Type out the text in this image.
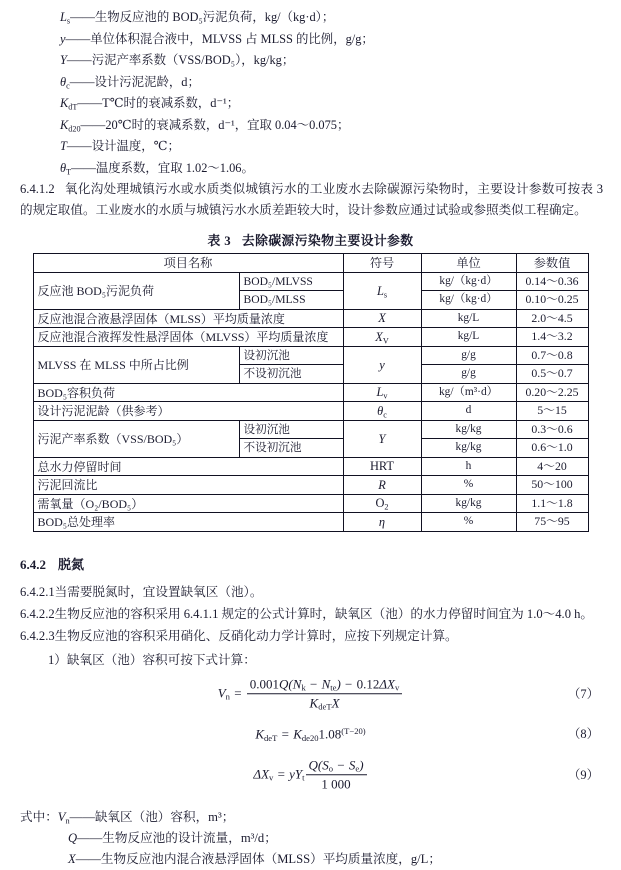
$L_s——$生物反应池的 BOD₅污泥负荷，kg/（kg·d）；
y——单位体积混合液中，MLVSS 占 MLSS 的比例，g/g；
Y——污泥产率系数（VSS/BOD₅），kg/kg；
$\theta_c——$设计污泥泥龄，d；
$K_{dT}——T℃$时的衰减系数，d⁻¹；
$K_{d20}——20℃$时的衰减系数，d⁻¹，宜取 0.04～0.075；
T——设计温度，℃；
$\theta_T——$温度系数，宜取 1.02～1.06。

6.4.1.2 氧化沟处理城镇污水或水质类似城镇污水的工业废水去除碳源污染物时，主要设计参数可按表 3 的规定取值。工业废水的水质与城镇污水水质差距较大时，设计参数应通过试验或参照类似工程确定。

表 3 去除碳源污染物主要设计参数
项目名称		符号	单位	参数值
反应池 BOD₅污泥负荷	BOD₅/MLVSS	$L_s$	kg/（kg·d）	0.14～0.36
	BOD₅/MLSS		kg/（kg·d）	0.10～0.25
反应池混合液悬浮固体（MLSS）平均质量浓度		X	kg/L	2.0～4.5
反应池混合液挥发性悬浮固体（MLVSS）平均质量浓度		$X_V$	kg/L	1.4～3.2
MLVSS 在 MLSS 中所占比例	设初沉池	y	g/g	0.7～0.8
	不设初沉池		g/g	0.5～0.7
BOD₅容积负荷		$L_v$	kg/（m³·d）	0.20～2.25
设计污泥泥龄（供参考）		$\theta_c$	d	5～15
污泥产率系数（VSS/BOD₅）	设初沉池	Y	kg/kg	0.3～0.6
	不设初沉池		kg/kg	0.6～1.0
总水力停留时间		HRT	h	4～20
污泥回流比		R	%	50～100
需氧量（O₂/BOD₅）		$O_2$	kg/kg	1.1～1.8
BOD₅总处理率		η	%	75～95
6.4.2 脱氮

6.4.2.1当需要脱氮时，宜设置缺氧区（池）。

6.4.2.2生物反应池的容积采用 6.4.1.1 规定的公式计算时，缺氧区（池）的水力停留时间宜为 1.0～4.0 h。

6.4.2.3生物反应池的容积采用硝化、反硝化动力学计算时，应按下列规定计算。

1）缺氧区（池）容积可按下式计算：
$V_n = \frac{0.001Q(N_k - N_{te}) - 0.12\Delta X_v}{K_{deT}X}$	（7）
$K_{deT} = K_{de20}1.08^{(T-20)}$	（8）
$\Delta X_v = yY_t \frac{Q(S_o - S_e)}{1 000}$	（9）
式中：$V_n——$缺氧区（池）容积，m³；
Q——生物反应池的设计流量，m³/d；
X——生物反应池内混合液悬浮固体（MLSS）平均质量浓度，g/L；
